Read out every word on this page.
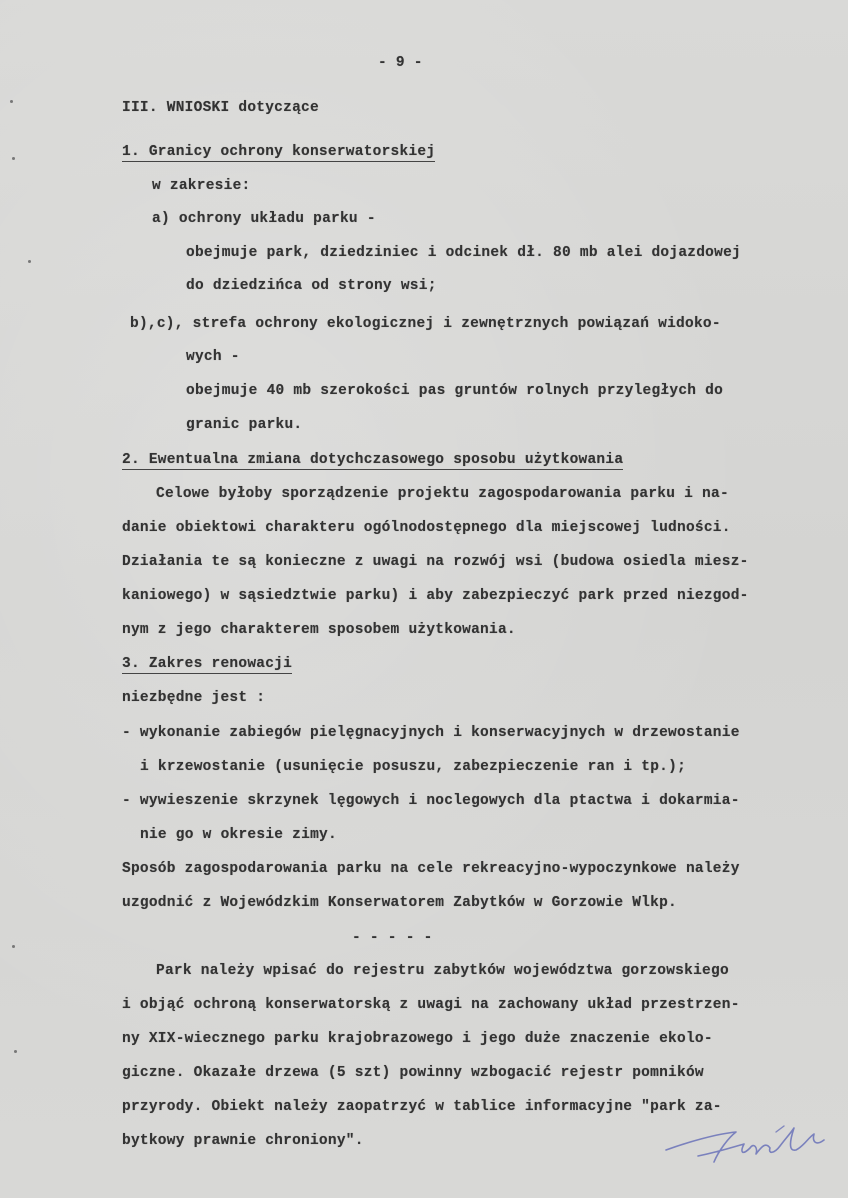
- 9 -
III. WNIOSKI dotyczące
1. Granicy ochrony konserwatorskiej
w zakresie:
a) ochrony układu parku -
obejmuje park, dziedziniec i odcinek dł. 80 mb alei dojazdowej
do dziedzińca od strony wsi;
b),c), strefa ochrony ekologicznej i zewnętrznych powiązań widoko-
wych -
obejmuje 40 mb szerokości pas gruntów rolnych przyległych do
granic parku.
2. Ewentualna zmiana dotychczasowego sposobu użytkowania
Celowe byłoby sporządzenie projektu zagospodarowania parku i na-
danie obiektowi charakteru ogólnodostępnego dla miejscowej ludności.
Działania te są konieczne z uwagi na rozwój wsi (budowa osiedla miesz-
kaniowego) w sąsiedztwie parku) i aby zabezpieczyć park przed niezgod-
nym z jego charakterem sposobem użytkowania.
3. Zakres renowacji
niezbędne jest :
- wykonanie zabiegów pielęgnacyjnych i konserwacyjnych w drzewostanie
i krzewostanie (usunięcie posuszu, zabezpieczenie ran i tp.);
- wywieszenie skrzynek lęgowych i noclegowych dla ptactwa i dokarmia-
nie go w okresie zimy.
Sposób zagospodarowania parku na cele rekreacyjno-wypoczynkowe należy
uzgodnić z Wojewódzkim Konserwatorem Zabytków w Gorzowie Wlkp.
- - - - -
Park należy wpisać do rejestru zabytków województwa gorzowskiego
i objąć ochroną konserwatorską z uwagi na zachowany układ przestrzen-
ny XIX-wiecznego parku krajobrazowego i jego duże znaczenie ekolo-
giczne. Okazałe drzewa (5 szt) powinny wzbogacić rejestr pomników
przyrody. Obiekt należy zaopatrzyć w tablice informacyjne "park za-
bytkowy prawnie chroniony".
